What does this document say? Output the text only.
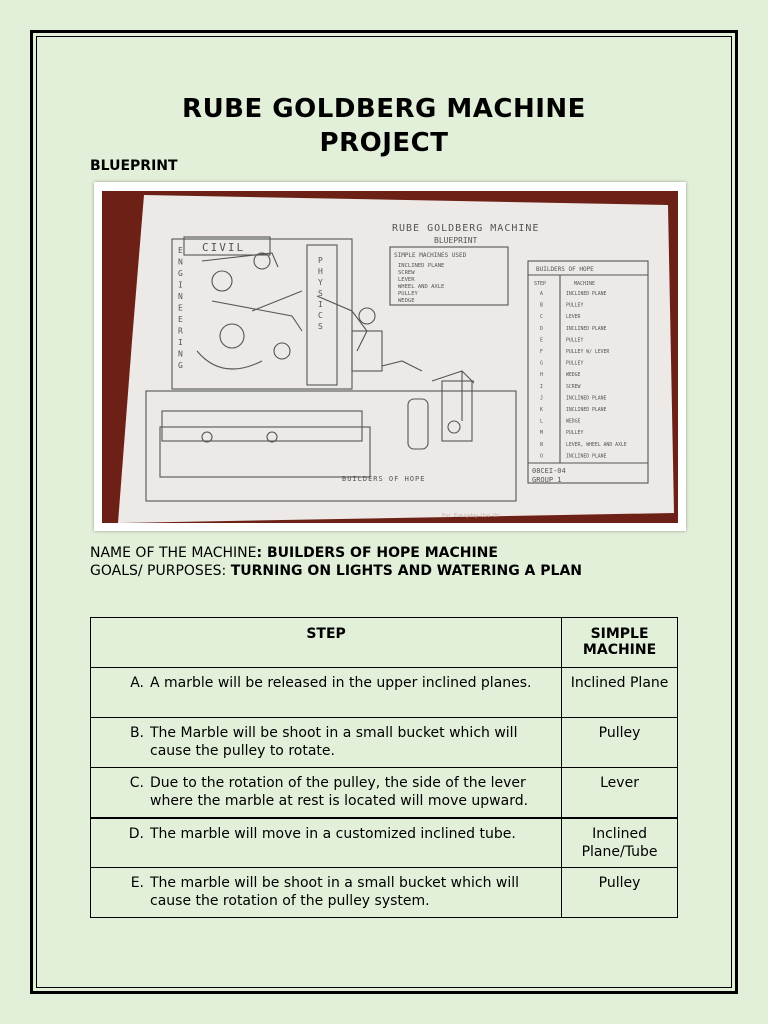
RUBE GOLDBERG MACHINE
PROJECT
BLUEPRINT
RUBE GOLDBERG MACHINE
BLUEPRINT
CIVIL
SIMPLE MACHINES USED
INCLINED PLANE
SCREW
LEVER
WHEEL AND AXLE
PULLEY
WEDGE
BUILDERS OF HOPE
STEP	MACHINE
08CEI-04
GROUP 1
BUILDERS OF HOPE
For Everyday Use On
A	INCLINED PLANE
B	PULLEY
C	LEVER
D	INCLINED PLANE
E	PULLEY
F	PULLEY W/ LEVER
G	PULLEY
H	WEDGE
I	SCREW
J	INCLINED PLANE
K	INCLINED PLANE
L	WEDGE
M	PULLEY
N	LEVER, WHEEL AND AXLE
O	INCLINED PLANE
E
N
G
I
N
E
E
R
I
N
G
P
H
Y
S
I
C
S
NAME OF THE MACHINE: BUILDERS OF HOPE MACHINE
GOALS/ PURPOSES: TURNING ON LIGHTS AND WATERING A PLAN
STEP	SIMPLE MACHINE

A. A marble will be released in the upper inclined planes.	Inclined Plane

B. The Marble will be shoot in a small bucket which will cause the pulley to rotate.	Pulley

C. Due to the rotation of the pulley, the side of the lever where the marble at rest is located will move upward.	Lever

D. The marble will move in a customized inclined tube.	Inclined Plane/Tube

E. The marble will be shoot in a small bucket which will cause the rotation of the pulley system.	Pulley
